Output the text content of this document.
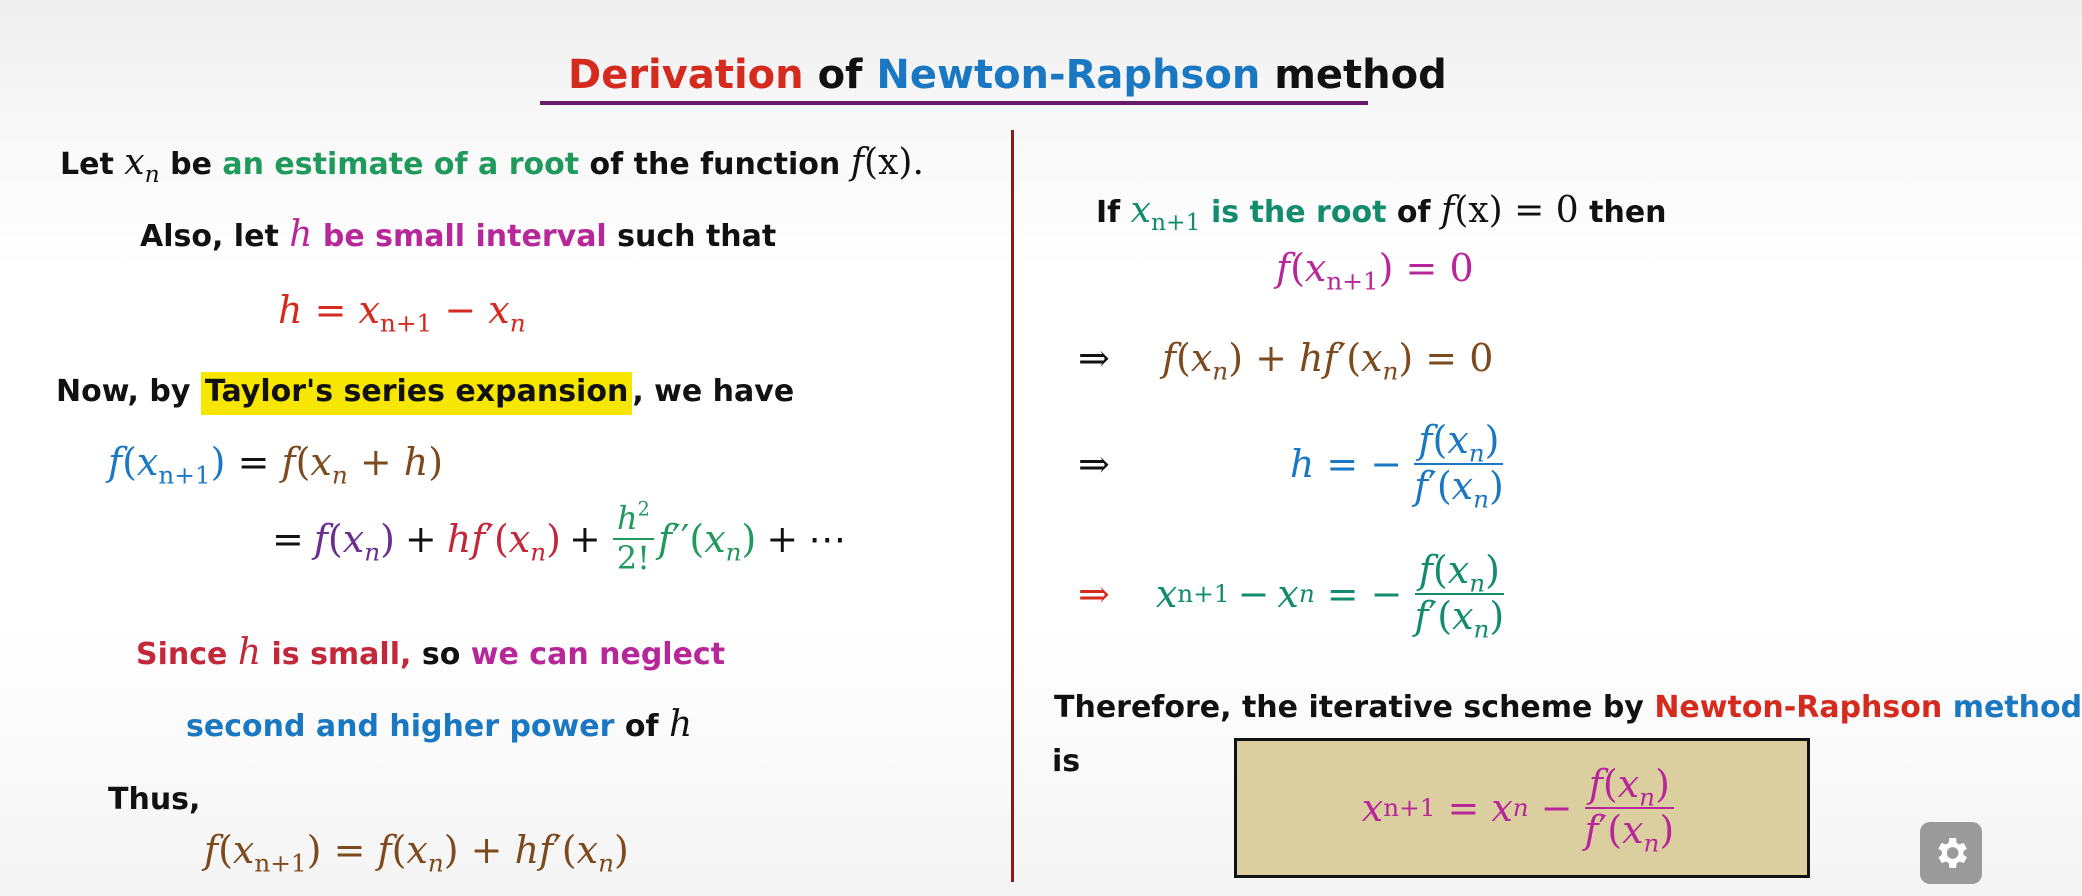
Derivation of Newton-Raphson method
Let $x_n$ be an estimate of a root of the function f(x).
Also, let h be small interval such that
$h = x_{n+1} - x_n$
Now, by Taylor's series expansion , we have
$f(x_{n+1}) = f(x_n + h)$
= $f(x_n) + hf'(x_n) + \frac{h^2}{2!} f''(x_n)$ + ⋯
Since h is small, so we can neglect
second and higher power of h
Thus,
$f(x_{n+1}) = f(x_n) + hf'(x_n)$
If $x_{n+1}$ is the root of f(x) = 0 then
$f(x_{n+1}) = 0$
⇒ $f(x_n) + hf'(x_n) = 0$
⇒	h = − $\frac{f(x_n)}{f'(x_n)}$
⇒ x n+1 − x n = − $\frac{f(x_n)}{f'(x_n)}$
Therefore, the iterative scheme by Newton-Raphson method
is
x n+1 = x $n - \frac{f(x_n)}{f'(x_n)}$
